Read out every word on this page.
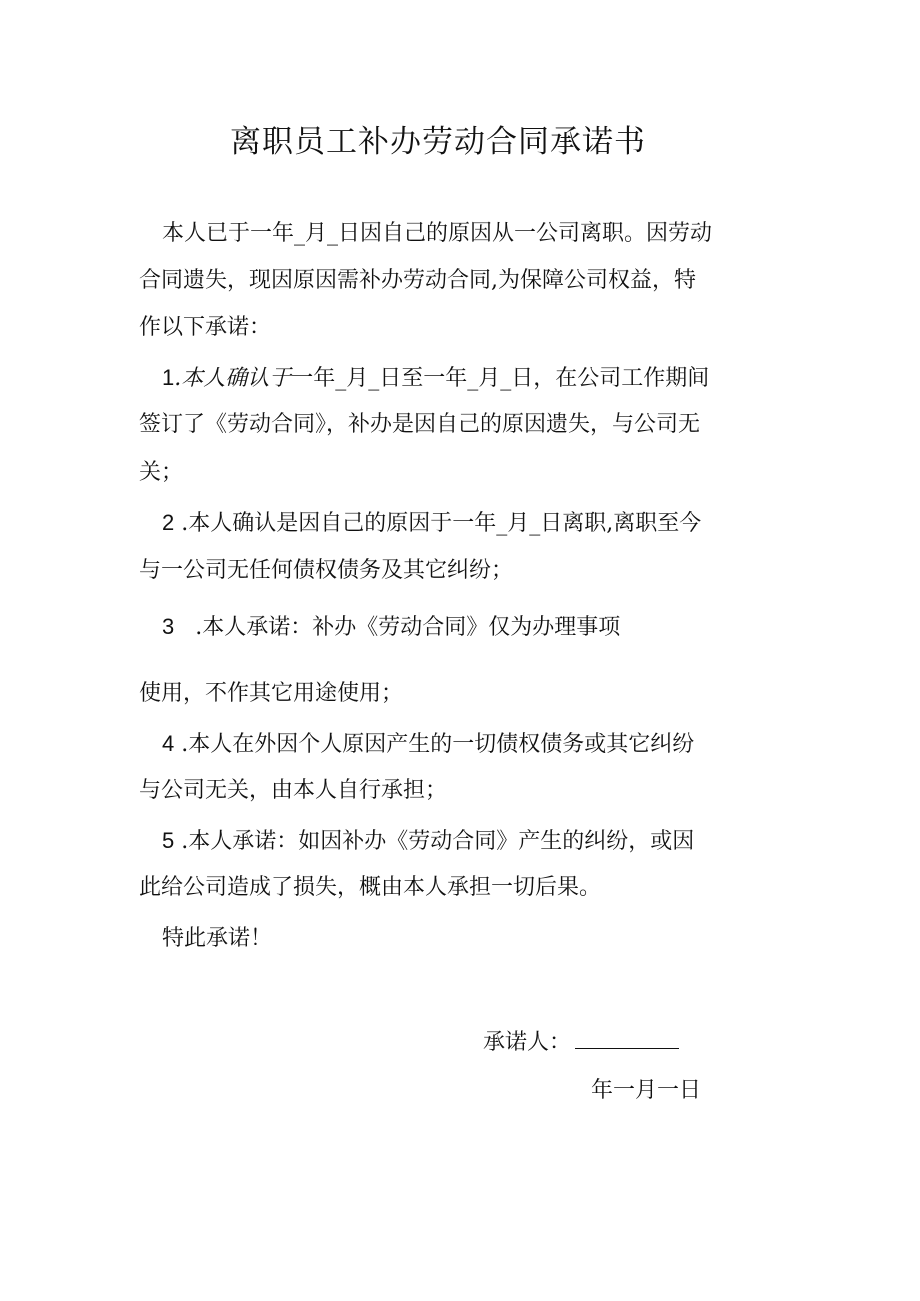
离职员工补办劳动合同承诺书
本人已于一年_月_日因自己的原因从一公司离职。因劳动
合同遗失，现因原因需补办劳动合同,为保障公司权益，特
作以下承诺：
1.本人确认于一年_月_日至一年_月_日，在公司工作期间
签订了《劳动合同》，补办是因自己的原因遗失，与公司无
关；
2 .本人确认是因自己的原因于一年_月_日离职,离职至今
与一公司无任何债权债务及其它纠纷；
3   .本人承诺：补办《劳动合同》仅为办理事项
使用，不作其它用途使用；
4 .本人在外因个人原因产生的一切债权债务或其它纠纷
与公司无关，由本人自行承担；
5 .本人承诺：如因补办《劳动合同》产生的纠纷，或因
此给公司造成了损失，概由本人承担一切后果。
特此承诺！
承诺人：
年一月一日
